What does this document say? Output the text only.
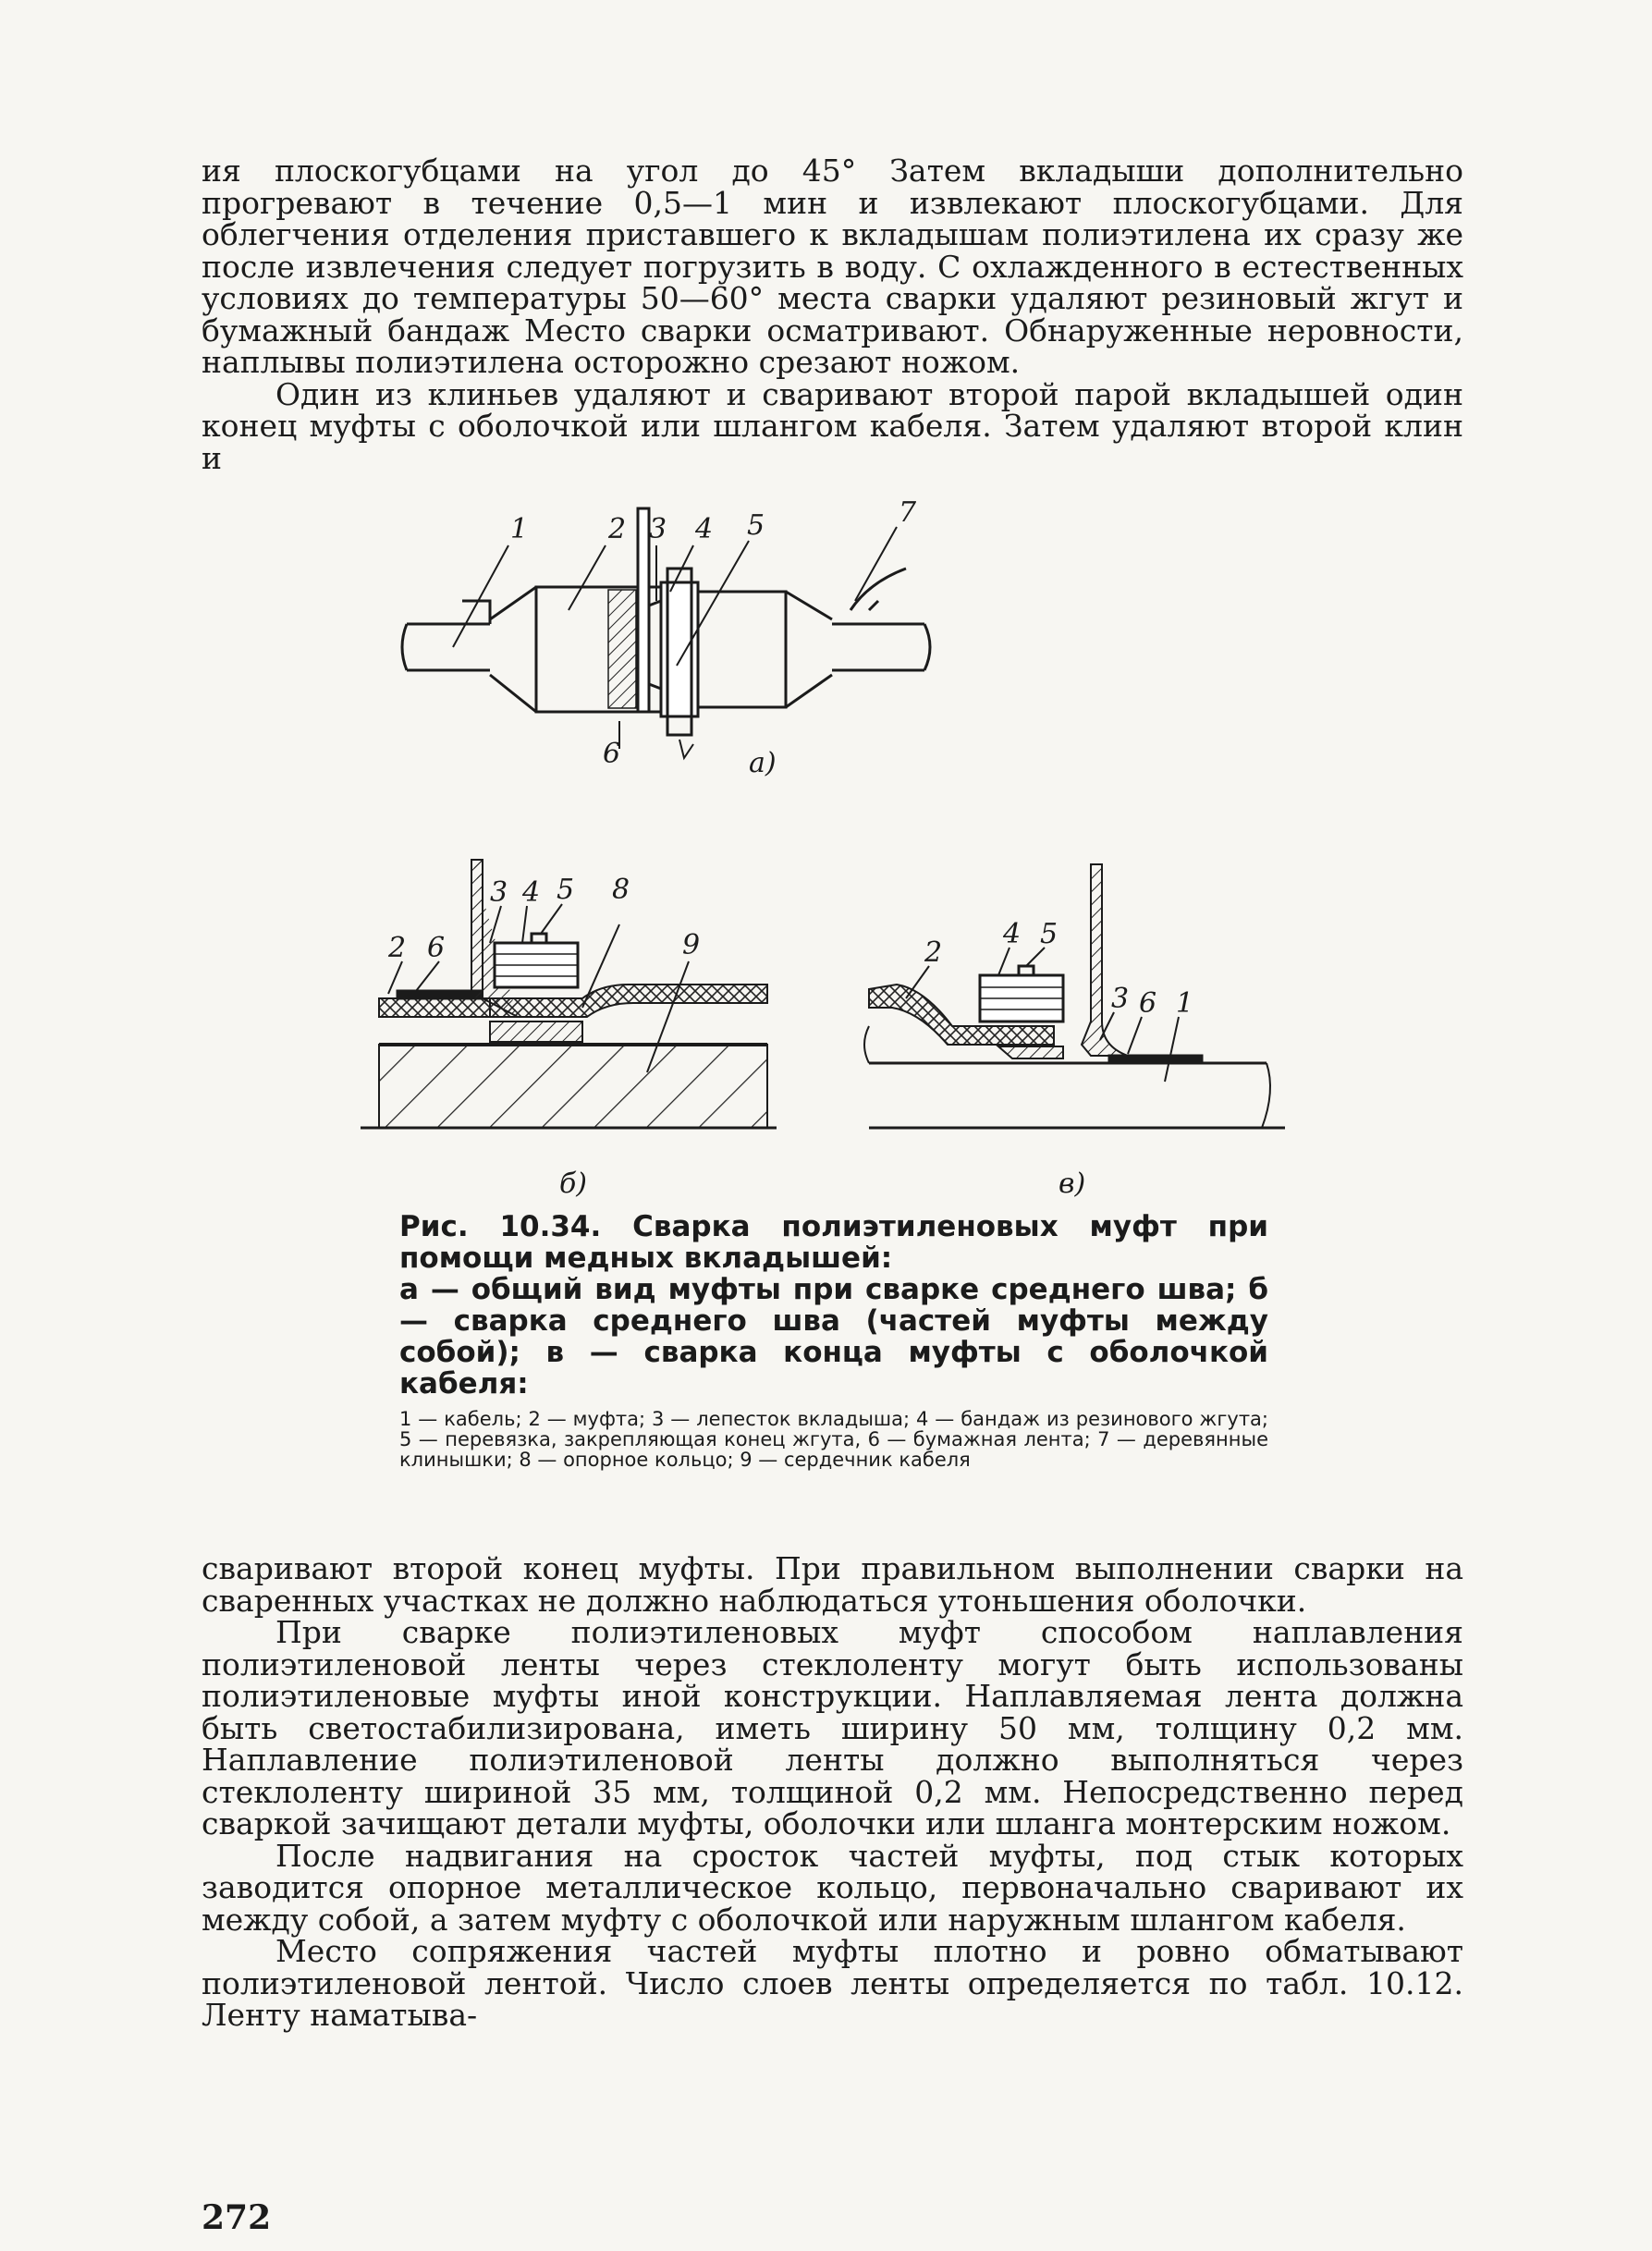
ия плоскогубцами на угол до 45° Затем вкладыши дополнительно прогревают в течение 0,5—1 мин и извлекают плоскогубцами. Для облегчения отделения приставшего к вкладышам полиэтилена их сразу же после извлечения следует погрузить в воду. С охлажденного в естественных условиях до температуры 50—60° места сварки удаляют резиновый жгут и бумажный бандаж Место сварки осматривают. Обнаруженные неровности, наплывы полиэтилена осторожно срезают ножом.

Один из клиньев удаляют и сваривают второй парой вкладышей один конец муфты с оболочкой или шлангом кабеля. Затем удаляют второй клин и

1	2 3 4 5
6
7
а)
2 6
3 4 5 8
9
б)
2
4 5
3 6 1
в)

Рис. 10.34. Сварка полиэтиленовых муфт при помощи медных вкладышей:

а — общий вид муфты при сварке среднего шва; б — сварка среднего шва (частей муфты между собой); в — сварка конца муфты с оболочкой кабеля:

1 — кабель; 2 — муфта; 3 — лепесток вкладыша; 4 — бандаж из резинового жгута; 5 — перевязка, закрепляющая конец жгута, 6 — бумажная лента; 7 — деревянные клинышки; 8 — опорное кольцо; 9 — сердечник кабеля

сваривают второй конец муфты. При правильном выполнении сварки на сваренных участках не должно наблюдаться утоньшения оболочки.

При сварке полиэтиленовых муфт способом наплавления полиэтиленовой ленты через стеклоленту могут быть использованы полиэтиленовые муфты иной конструкции. Наплавляемая лента должна быть светостабилизирована, иметь ширину 50 мм, толщину 0,2 мм. Наплавление полиэтиленовой ленты должно выполняться через стеклоленту шириной 35 мм, толщиной 0,2 мм. Непосредственно перед сваркой зачищают детали муфты, оболочки или шланга монтерским ножом.

После надвигания на сросток частей муфты, под стык которых заводится опорное металлическое кольцо, первоначально сваривают их между собой, а затем муфту с оболочкой или наружным шлангом кабеля.

Место сопряжения частей муфты плотно и ровно обматывают полиэтиленовой лентой. Число слоев ленты определяется по табл. 10.12. Ленту наматыва-

272
